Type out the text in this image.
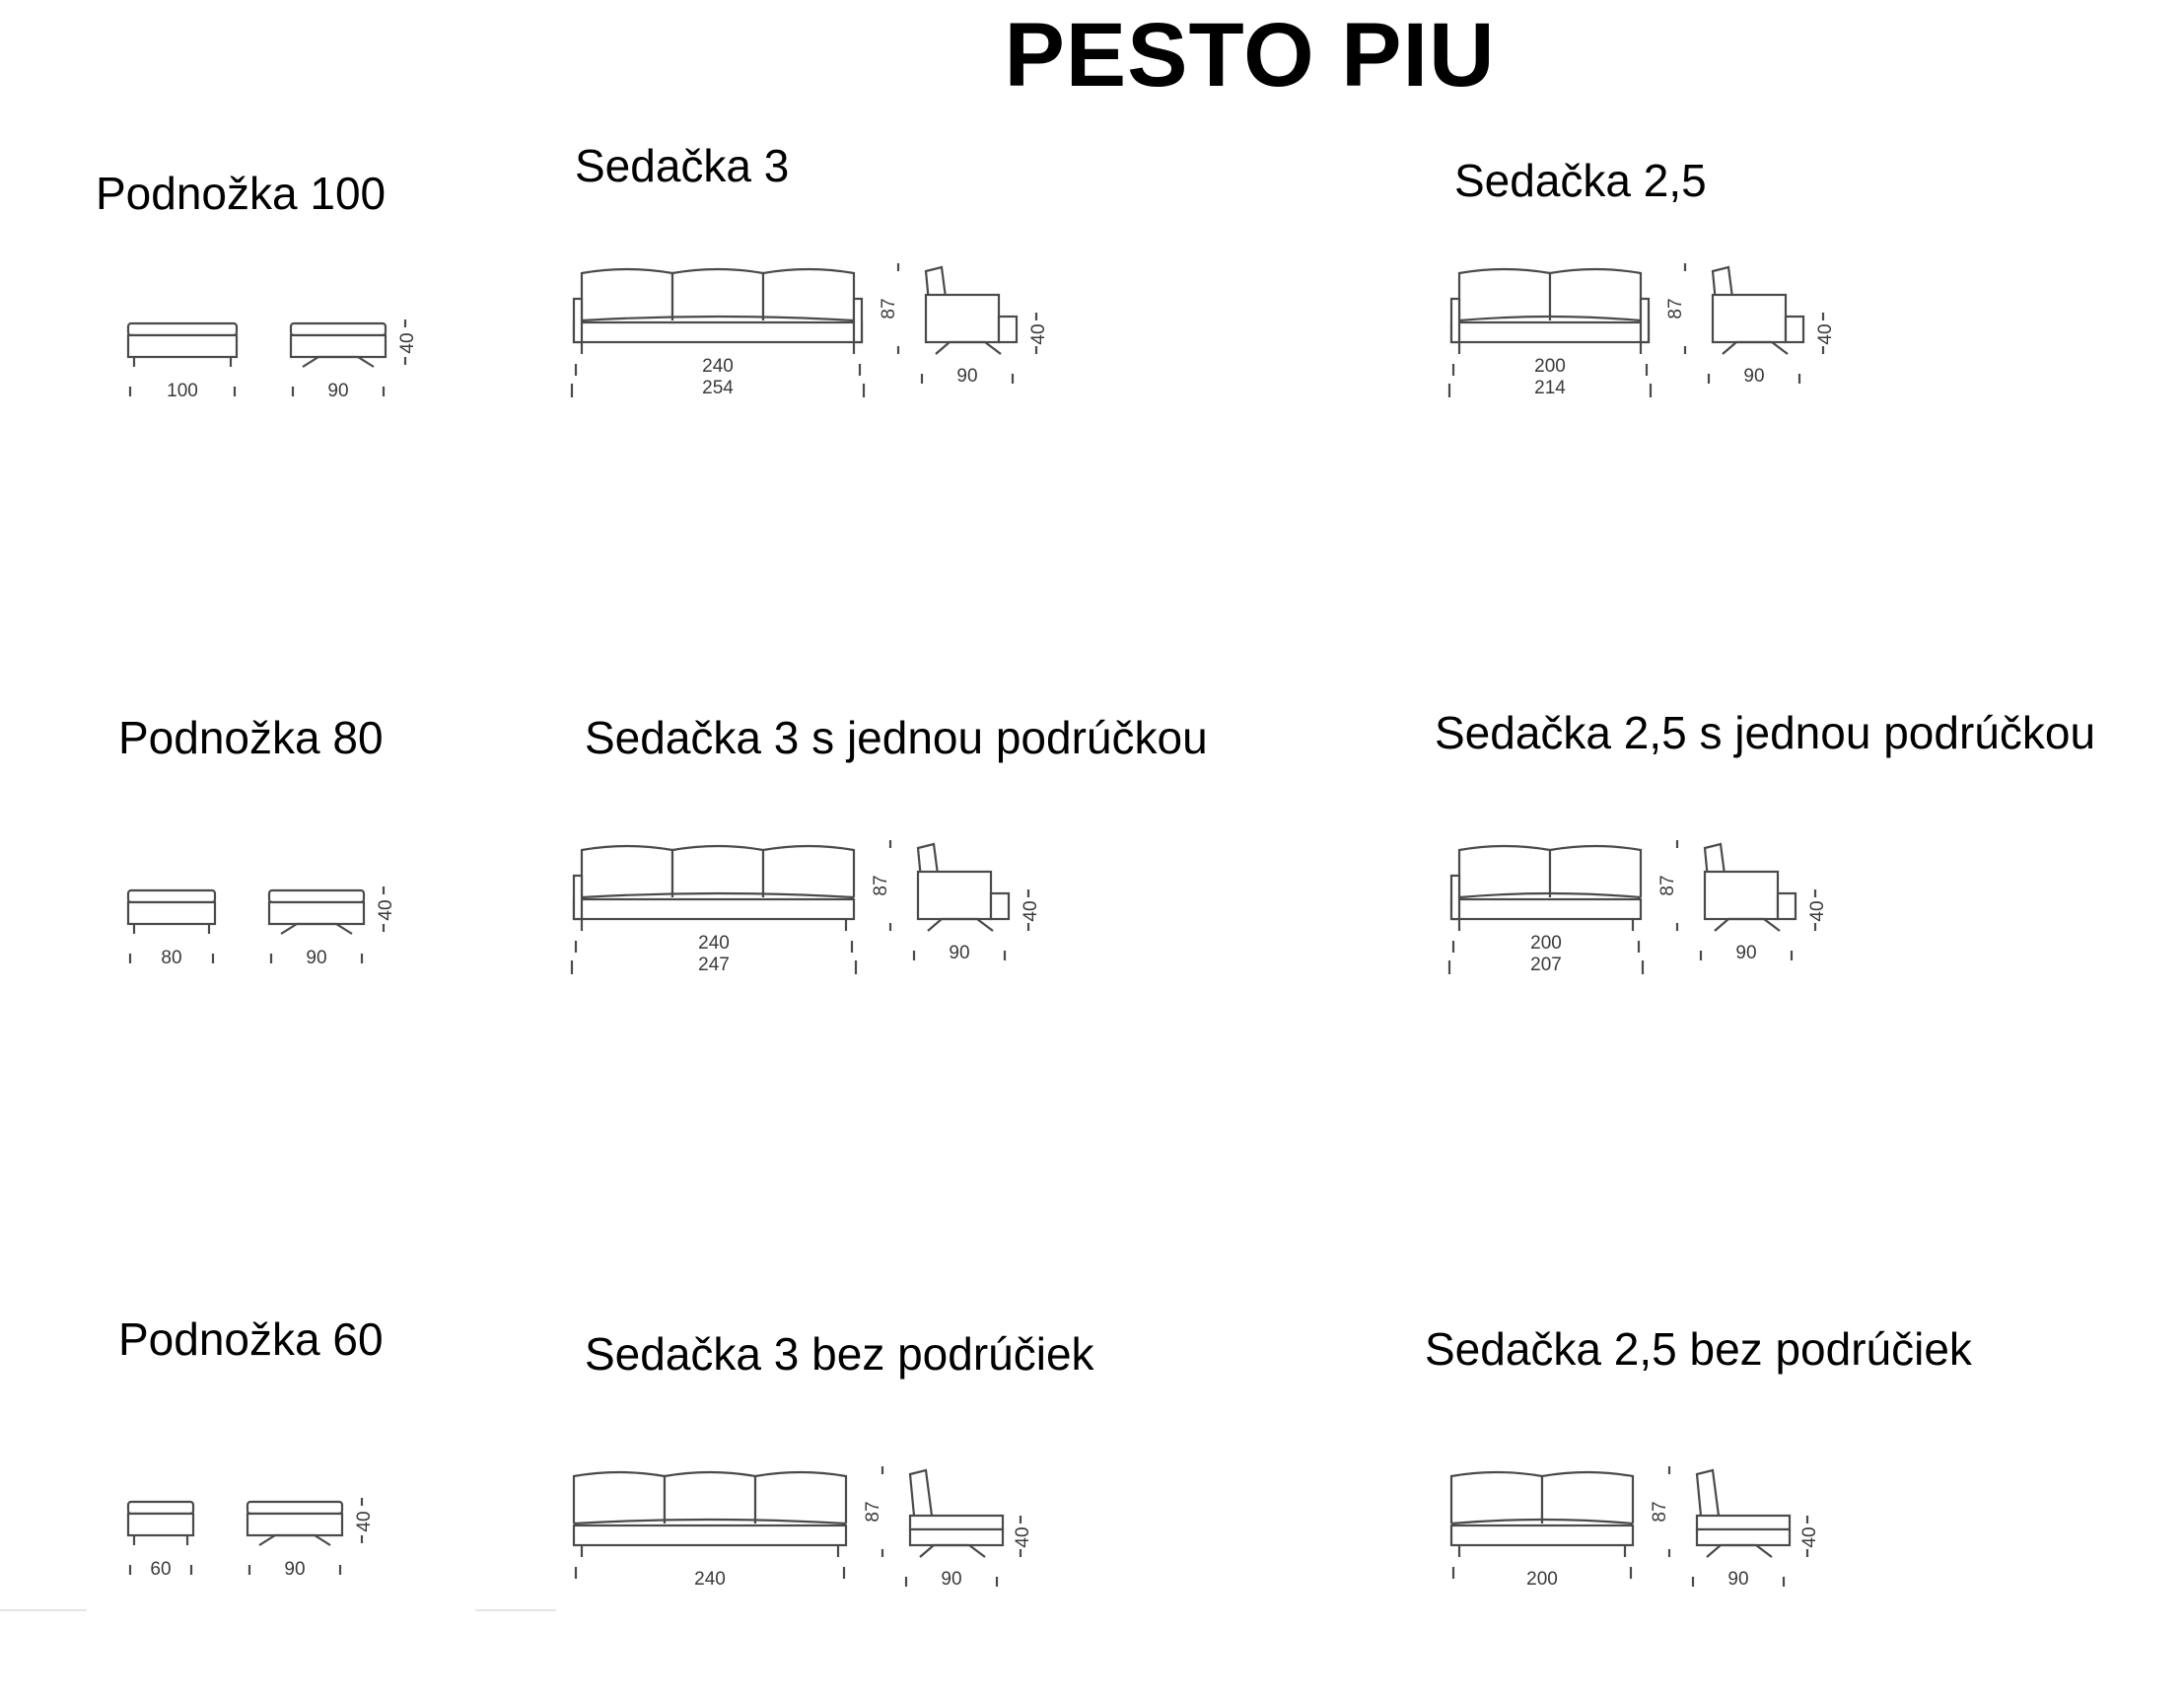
PESTO PIU
Podnožka 100
100	90
40
Sedačka 3
240
254
90
87
40
Sedačka 2,5
200
214
90
87
40
Podnožka 80
80	90
40
Sedačka 3 s jednou podrúčkou
240
247
90
87
40
Sedačka 2,5 s jednou podrúčkou
200
207
90
87
40
Podnožka 60
60	90
40
Sedačka 3 bez podrúčiek
240	90
87
40
Sedačka 2,5 bez podrúčiek
200	90
87
40
